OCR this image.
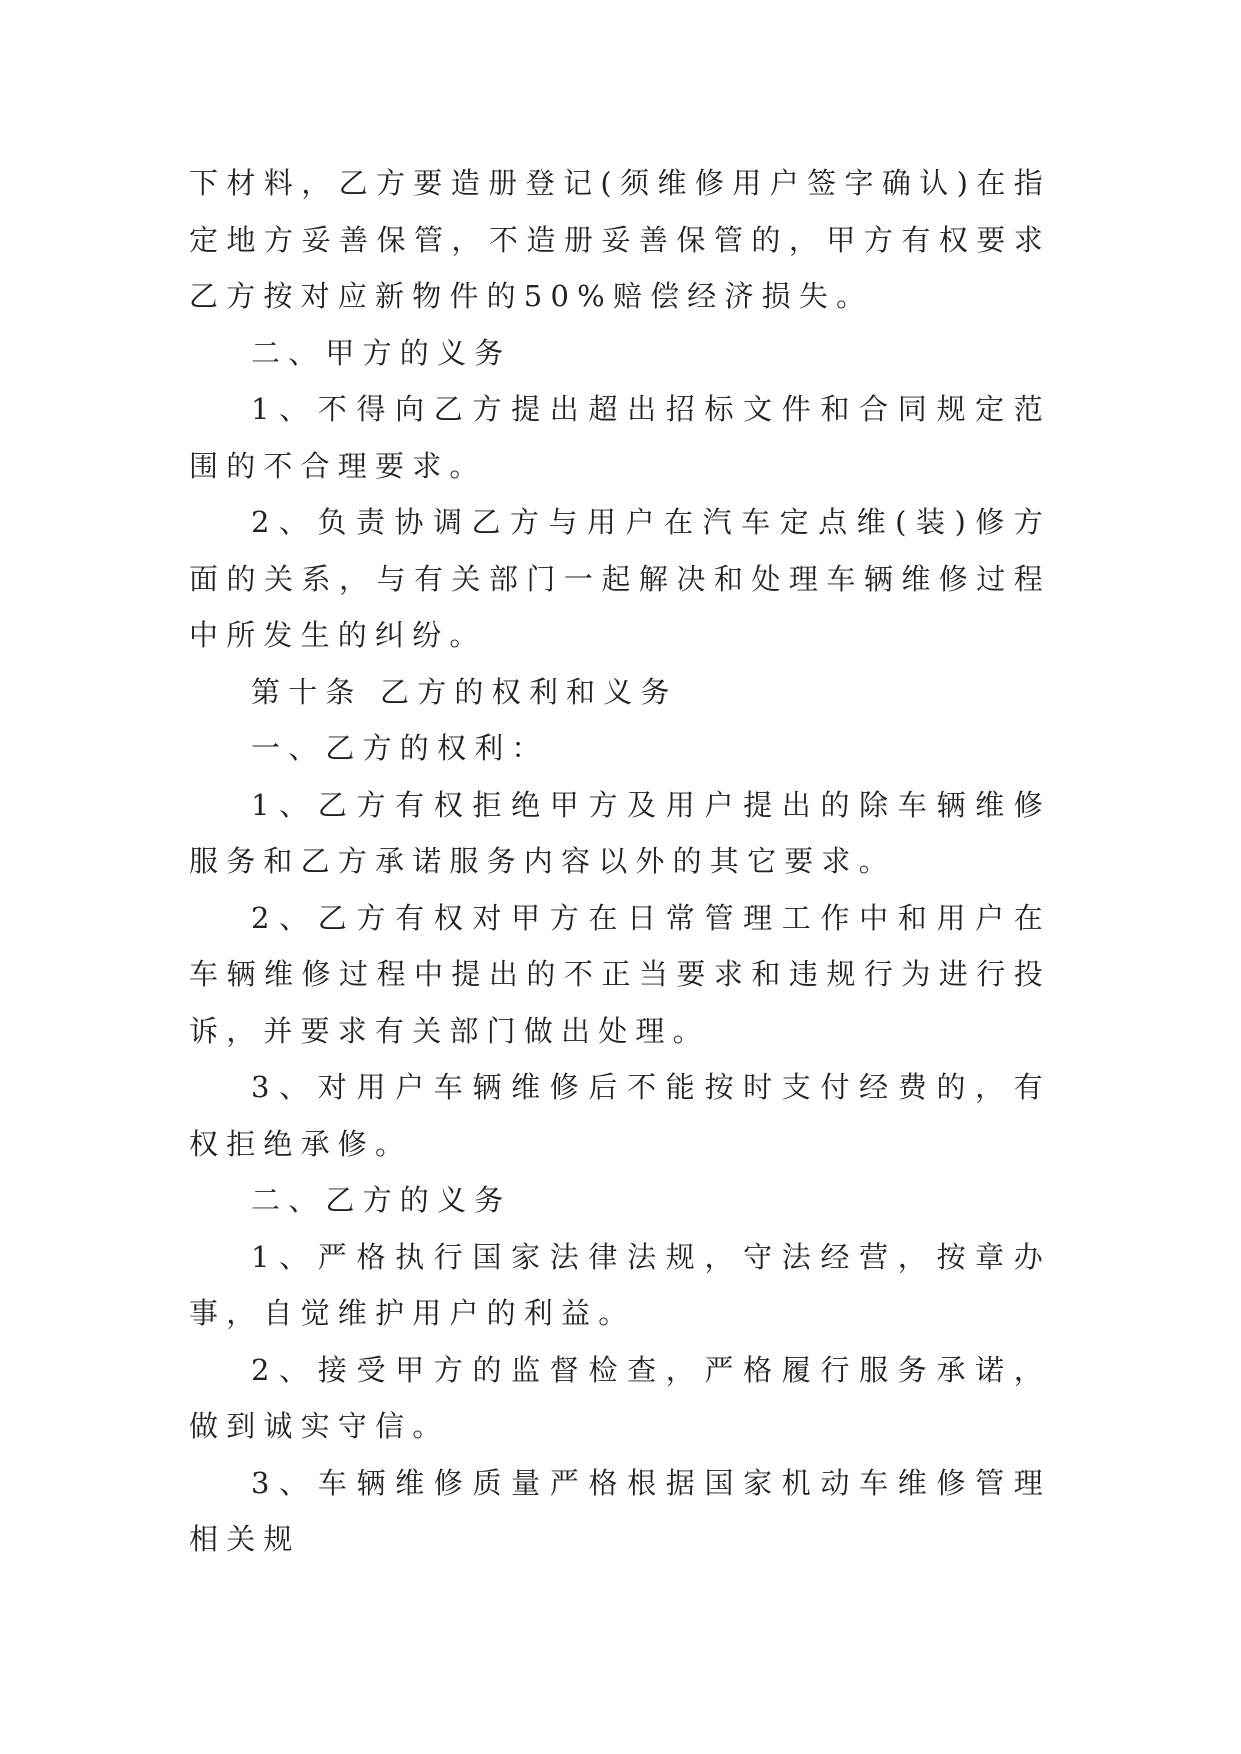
下材料，乙方要造册登记(须维修用户签字确认)在指定地方妥善保管，不造册妥善保管的，甲方有权要求乙方按对应新物件的50%赔偿经济损失。

二、甲方的义务

1、不得向乙方提出超出招标文件和合同规定范围的不合理要求。

2、负责协调乙方与用户在汽车定点维(装)修方面的关系，与有关部门一起解决和处理车辆维修过程中所发生的纠纷。

第十条 乙方的权利和义务

一、乙方的权利：

1、乙方有权拒绝甲方及用户提出的除车辆维修服务和乙方承诺服务内容以外的其它要求。

2、乙方有权对甲方在日常管理工作中和用户在车辆维修过程中提出的不正当要求和违规行为进行投诉，并要求有关部门做出处理。

3、对用户车辆维修后不能按时支付经费的，有权拒绝承修。

二、乙方的义务

1、严格执行国家法律法规，守法经营，按章办事，自觉维护用户的利益。

2、接受甲方的监督检查，严格履行服务承诺，做到诚实守信。

3、车辆维修质量严格根据国家机动车维修管理相关规
